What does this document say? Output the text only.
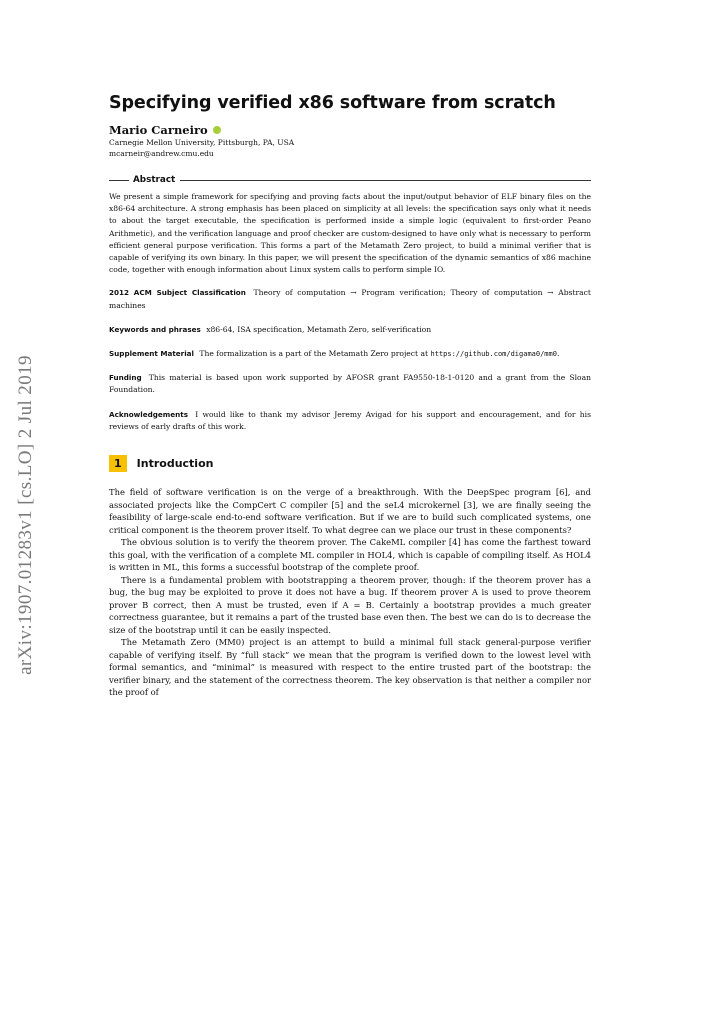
arXiv:1907.01283v1 [cs.LO] 2 Jul 2019
Specifying verified x86 software from scratch
Mario Carneiro
Carnegie Mellon University, Pittsburgh, PA, USA
mcarneir@andrew.cmu.edu
Abstract
We present a simple framework for specifying and proving facts about the input/output behavior of ELF binary files on the x86-64 architecture. A strong emphasis has been placed on simplicity at all levels: the specification says only what it needs to about the target executable, the specification is performed inside a simple logic (equivalent to first-order Peano Arithmetic), and the verification language and proof checker are custom-designed to have only what is necessary to perform efficient general purpose verification. This forms a part of the Metamath Zero project, to build a minimal verifier that is capable of verifying its own binary. In this paper, we will present the specification of the dynamic semantics of x86 machine code, together with enough information about Linux system calls to perform simple IO.
2012 ACM Subject Classification Theory of computation → Program verification; Theory of computation → Abstract machines
Keywords and phrases x86-64, ISA specification, Metamath Zero, self-verification
Supplement Material The formalization is a part of the Metamath Zero project at https://github.com/digama0/mm0.
Funding This material is based upon work supported by AFOSR grant FA9550-18-1-0120 and a grant from the Sloan Foundation.
Acknowledgements I would like to thank my advisor Jeremy Avigad for his support and encouragement, and for his reviews of early drafts of this work.
1	Introduction

The field of software verification is on the verge of a breakthrough. With the DeepSpec program [6], and associated projects like the CompCert C compiler [5] and the seL4 microkernel [3], we are finally seeing the feasibility of large-scale end-to-end software verification. But if we are to build such complicated systems, one critical component is the theorem prover itself. To what degree can we place our trust in these components?

The obvious solution is to verify the theorem prover. The CakeML compiler [4] has come the farthest toward this goal, with the verification of a complete ML compiler in HOL4, which is capable of compiling itself. As HOL4 is written in ML, this forms a successful bootstrap of the complete proof.

There is a fundamental problem with bootstrapping a theorem prover, though: if the theorem prover has a bug, the bug may be exploited to prove it does not have a bug. If theorem prover A is used to prove theorem prover B correct, then A must be trusted, even if A = B. Certainly a bootstrap provides a much greater correctness guarantee, but it remains a part of the trusted base even then. The best we can do is to decrease the size of the bootstrap until it can be easily inspected.

The Metamath Zero (MM0) project is an attempt to build a minimal full stack general-purpose verifier capable of verifying itself. By “full stack” we mean that the program is verified down to the lowest level with formal semantics, and “minimal” is measured with respect to the entire trusted part of the bootstrap: the verifier binary, and the statement of the correctness theorem. The key observation is that neither a compiler nor the proof of
